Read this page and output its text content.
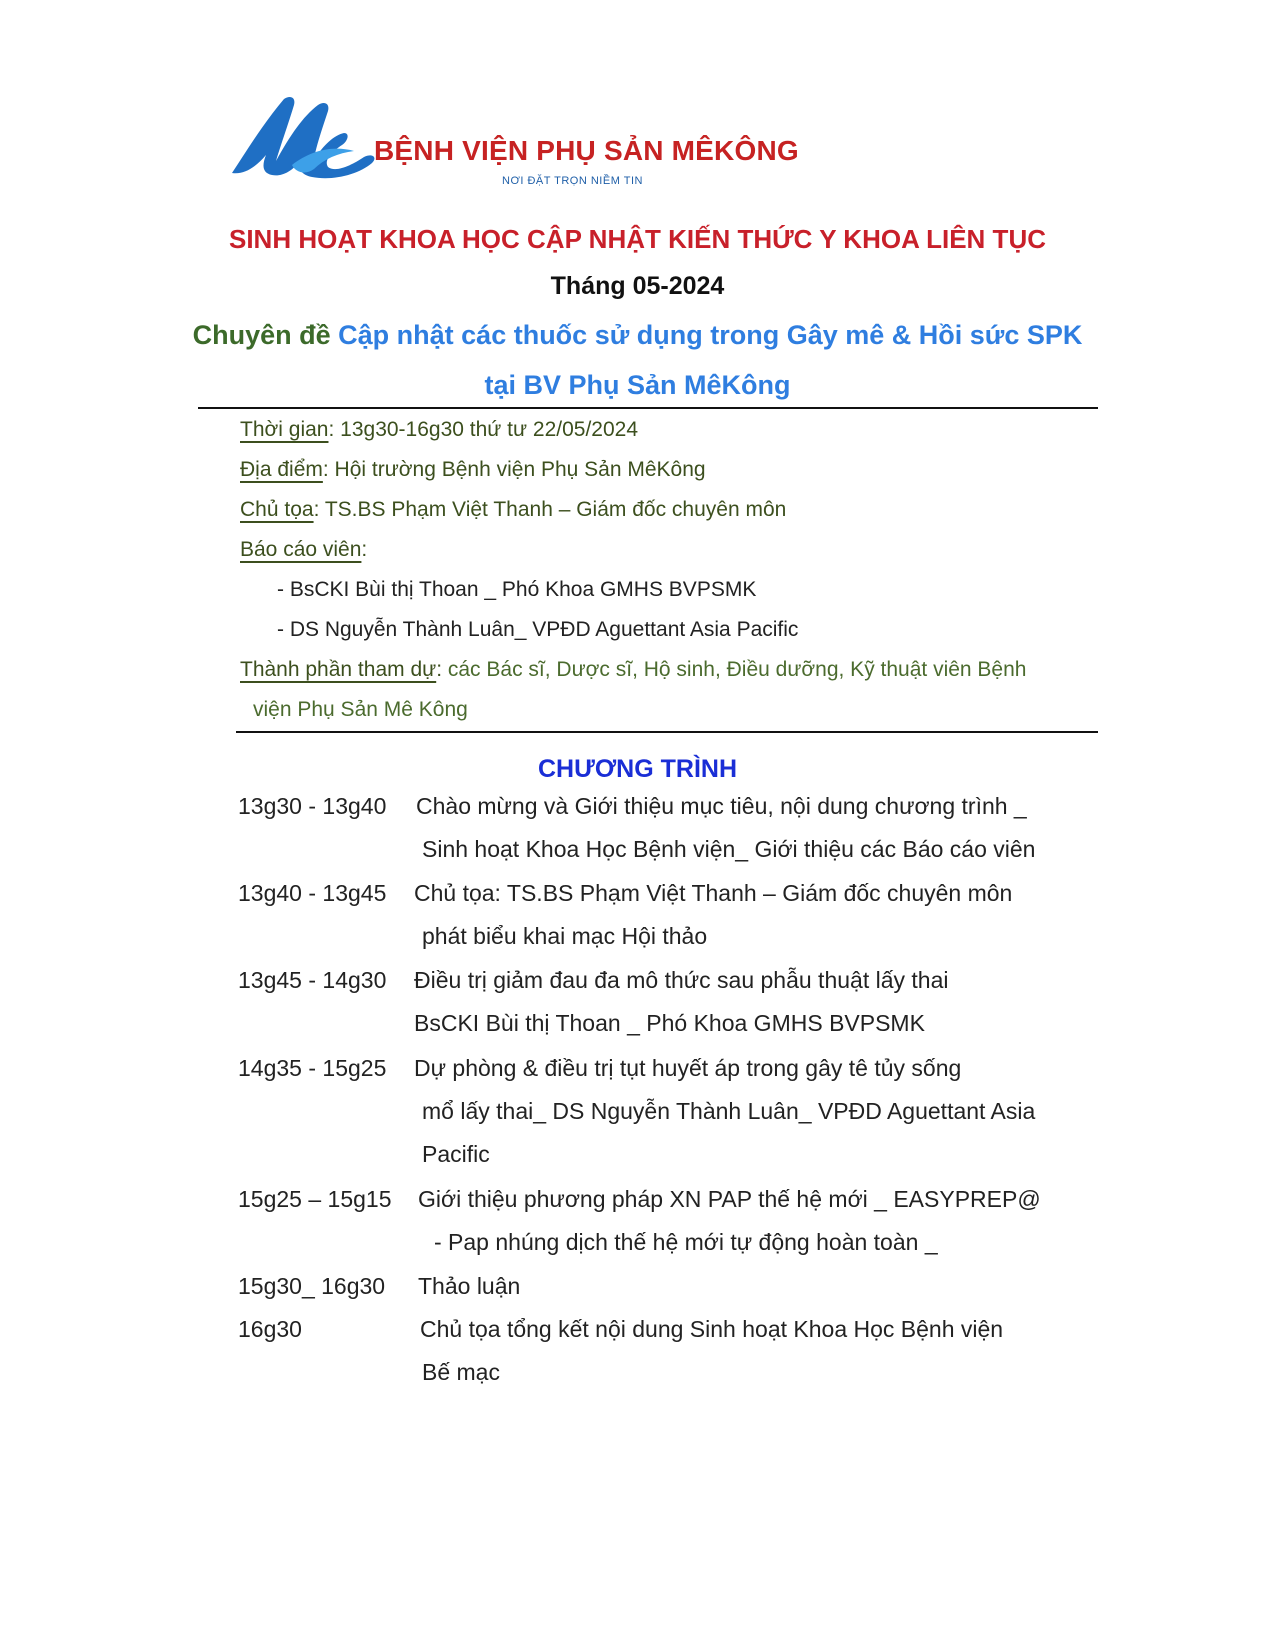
BỆNH VIỆN PHỤ SẢN MÊKÔNG
NƠI ĐẶT TRỌN NIỀM TIN
SINH HOẠT KHOA HỌC CẬP NHẬT KIẾN THỨC Y KHOA LIÊN TỤC
Tháng 05-2024
Chuyên đề Cập nhật các thuốc sử dụng trong Gây mê & Hồi sức SPK
tại BV Phụ Sản MêKông
Thời gian: 13g30-16g30 thứ tư 22/05/2024
Địa điểm: Hội trường Bệnh viện Phụ Sản MêKông
Chủ tọa: TS.BS Phạm Việt Thanh – Giám đốc chuyên môn
Báo cáo viên:
- BsCKI Bùi thị Thoan _ Phó Khoa GMHS BVPSMK
- DS Nguyễn Thành Luân_ VPĐD Aguettant Asia Pacific
Thành phần tham dự: các Bác sĩ, Dược sĩ, Hộ sinh, Điều dưỡng, Kỹ thuật viên Bệnh
viện Phụ Sản Mê Kông
CHƯƠNG TRÌNH
13g30 - 13g40 Chào mừng và Giới thiệu mục tiêu, nội dung chương trình _
Sinh hoạt Khoa Học Bệnh viện_ Giới thiệu các Báo cáo viên
13g40 - 13g45 Chủ tọa: TS.BS Phạm Việt Thanh – Giám đốc chuyên môn
phát biểu khai mạc Hội thảo
13g45 - 14g30 Điều trị giảm đau đa mô thức sau phẫu thuật lấy thai
BsCKI Bùi thị Thoan _ Phó Khoa GMHS BVPSMK
14g35 - 15g25 Dự phòng & điều trị tụt huyết áp trong gây tê tủy sống
mổ lấy thai_ DS Nguyễn Thành Luân_ VPĐD Aguettant Asia
Pacific
15g25 – 15g15 Giới thiệu phương pháp XN PAP thế hệ mới _ EASYPREP@
- Pap nhúng dịch thế hệ mới tự động hoàn toàn _
15g30_ 16g30 Thảo luận
16g30	Chủ tọa tổng kết nội dung Sinh hoạt Khoa Học Bệnh viện
Bế mạc
